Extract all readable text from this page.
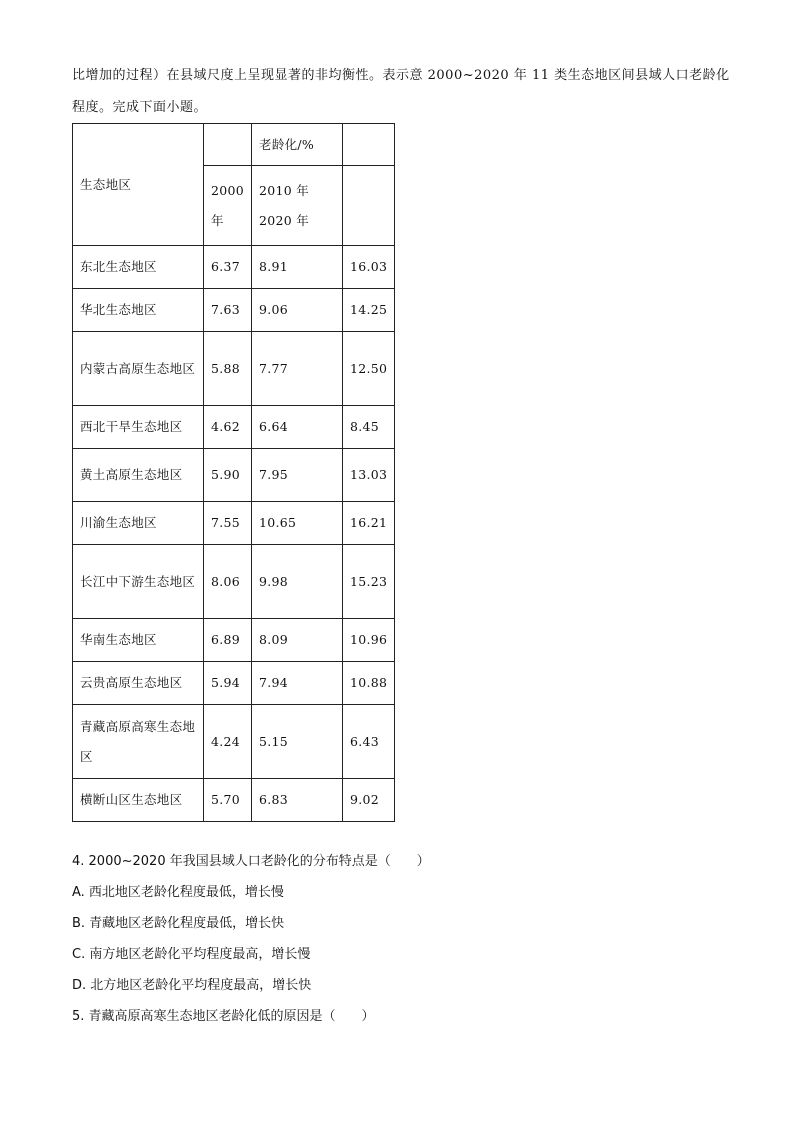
比增加的过程）在县域尺度上呈现显著的非均衡性。表示意 2000~2020 年 11 类生态地区间县域人口老龄化

程度。完成下面小题。

生态地区		老龄化/%	
	2000 年	2010 年 2020 年	
东北生态地区	6.37	8.91	16.03
华北生态地区	7.63	9.06	14.25
内蒙古高原生态地区	5.88	7.77	12.50
西北干旱生态地区	4.62	6.64	8.45
黄土高原生态地区	5.90	7.95	13.03
川渝生态地区	7.55	10.65	16.21
长江中下游生态地区	8.06	9.98	15.23
华南生态地区	6.89	8.09	10.96
云贵高原生态地区	5.94	7.94	10.88
青藏高原高寒生态地区	4.24	5.15	6.43
横断山区生态地区	5.70	6.83	9.02

4. 2000~2020 年我国县域人口老龄化的分布特点是（　　）

A. 西北地区老龄化程度最低，增长慢

B. 青藏地区老龄化程度最低，增长快

C. 南方地区老龄化平均程度最高，增长慢

D. 北方地区老龄化平均程度最高，增长快

5. 青藏高原高寒生态地区老龄化低的原因是（　　）
